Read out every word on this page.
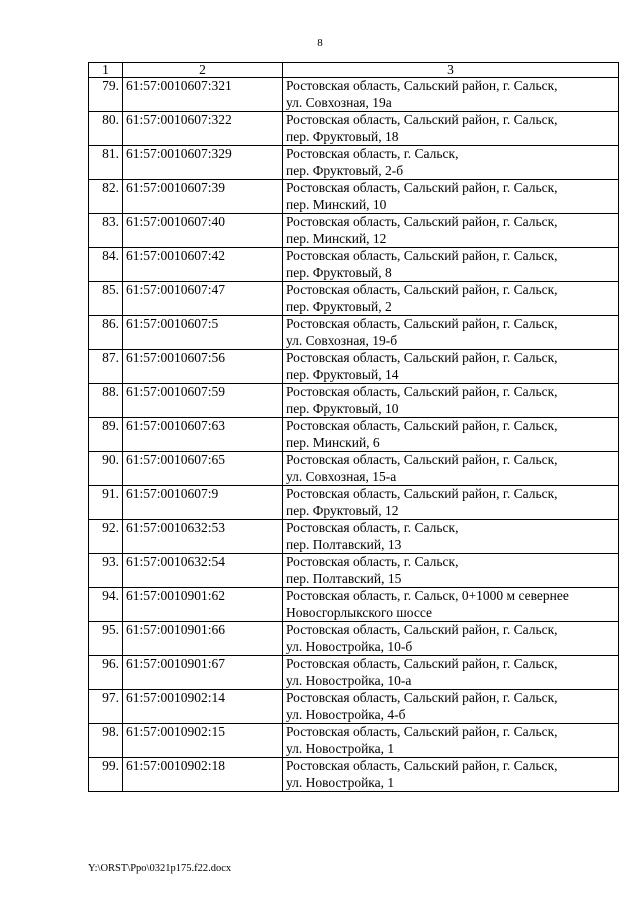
8
1	2	3
79.	61:57:0010607:321	Ростовская область, Сальский район, г. Сальск,
ул. Совхозная, 19а

80.	61:57:0010607:322	Ростовская область, Сальский район, г. Сальск,
пер. Фруктовый, 18

81.	61:57:0010607:329	Ростовская область, г. Сальск,
пер. Фруктовый, 2-б

82.	61:57:0010607:39	Ростовская область, Сальский район, г. Сальск,
пер. Минский, 10

83.	61:57:0010607:40	Ростовская область, Сальский район, г. Сальск,
пер. Минский, 12

84.	61:57:0010607:42	Ростовская область, Сальский район, г. Сальск,
пер. Фруктовый, 8

85.	61:57:0010607:47	Ростовская область, Сальский район, г. Сальск,
пер. Фруктовый, 2

86.	61:57:0010607:5	Ростовская область, Сальский район, г. Сальск,
ул. Совхозная, 19-б

87.	61:57:0010607:56	Ростовская область, Сальский район, г. Сальск,
пер. Фруктовый, 14

88.	61:57:0010607:59	Ростовская область, Сальский район, г. Сальск,
пер. Фруктовый, 10

89.	61:57:0010607:63	Ростовская область, Сальский район, г. Сальск,
пер. Минский, 6

90.	61:57:0010607:65	Ростовская область, Сальский район, г. Сальск,
ул. Совхозная, 15-а

91.	61:57:0010607:9	Ростовская область, Сальский район, г. Сальск,
пер. Фруктовый, 12

92.	61:57:0010632:53	Ростовская область, г. Сальск,
пер. Полтавский, 13

93.	61:57:0010632:54	Ростовская область, г. Сальск,
пер. Полтавский, 15

94.	61:57:0010901:62	Ростовская область, г. Сальск, 0+1000 м севернее
Новосгорлыкского шоссе

95.	61:57:0010901:66	Ростовская область, Сальский район, г. Сальск,
ул. Новостройка, 10-б

96.	61:57:0010901:67	Ростовская область, Сальский район, г. Сальск,
ул. Новостройка, 10-а

97.	61:57:0010902:14	Ростовская область, Сальский район, г. Сальск,
ул. Новостройка, 4-б

98.	61:57:0010902:15	Ростовская область, Сальский район, г. Сальск,
ул. Новостройка, 1

99.	61:57:0010902:18	Ростовская область, Сальский район, г. Сальск,
ул. Новостройка, 1
Y:\ORST\Ppo\0321p175.f22.docx
